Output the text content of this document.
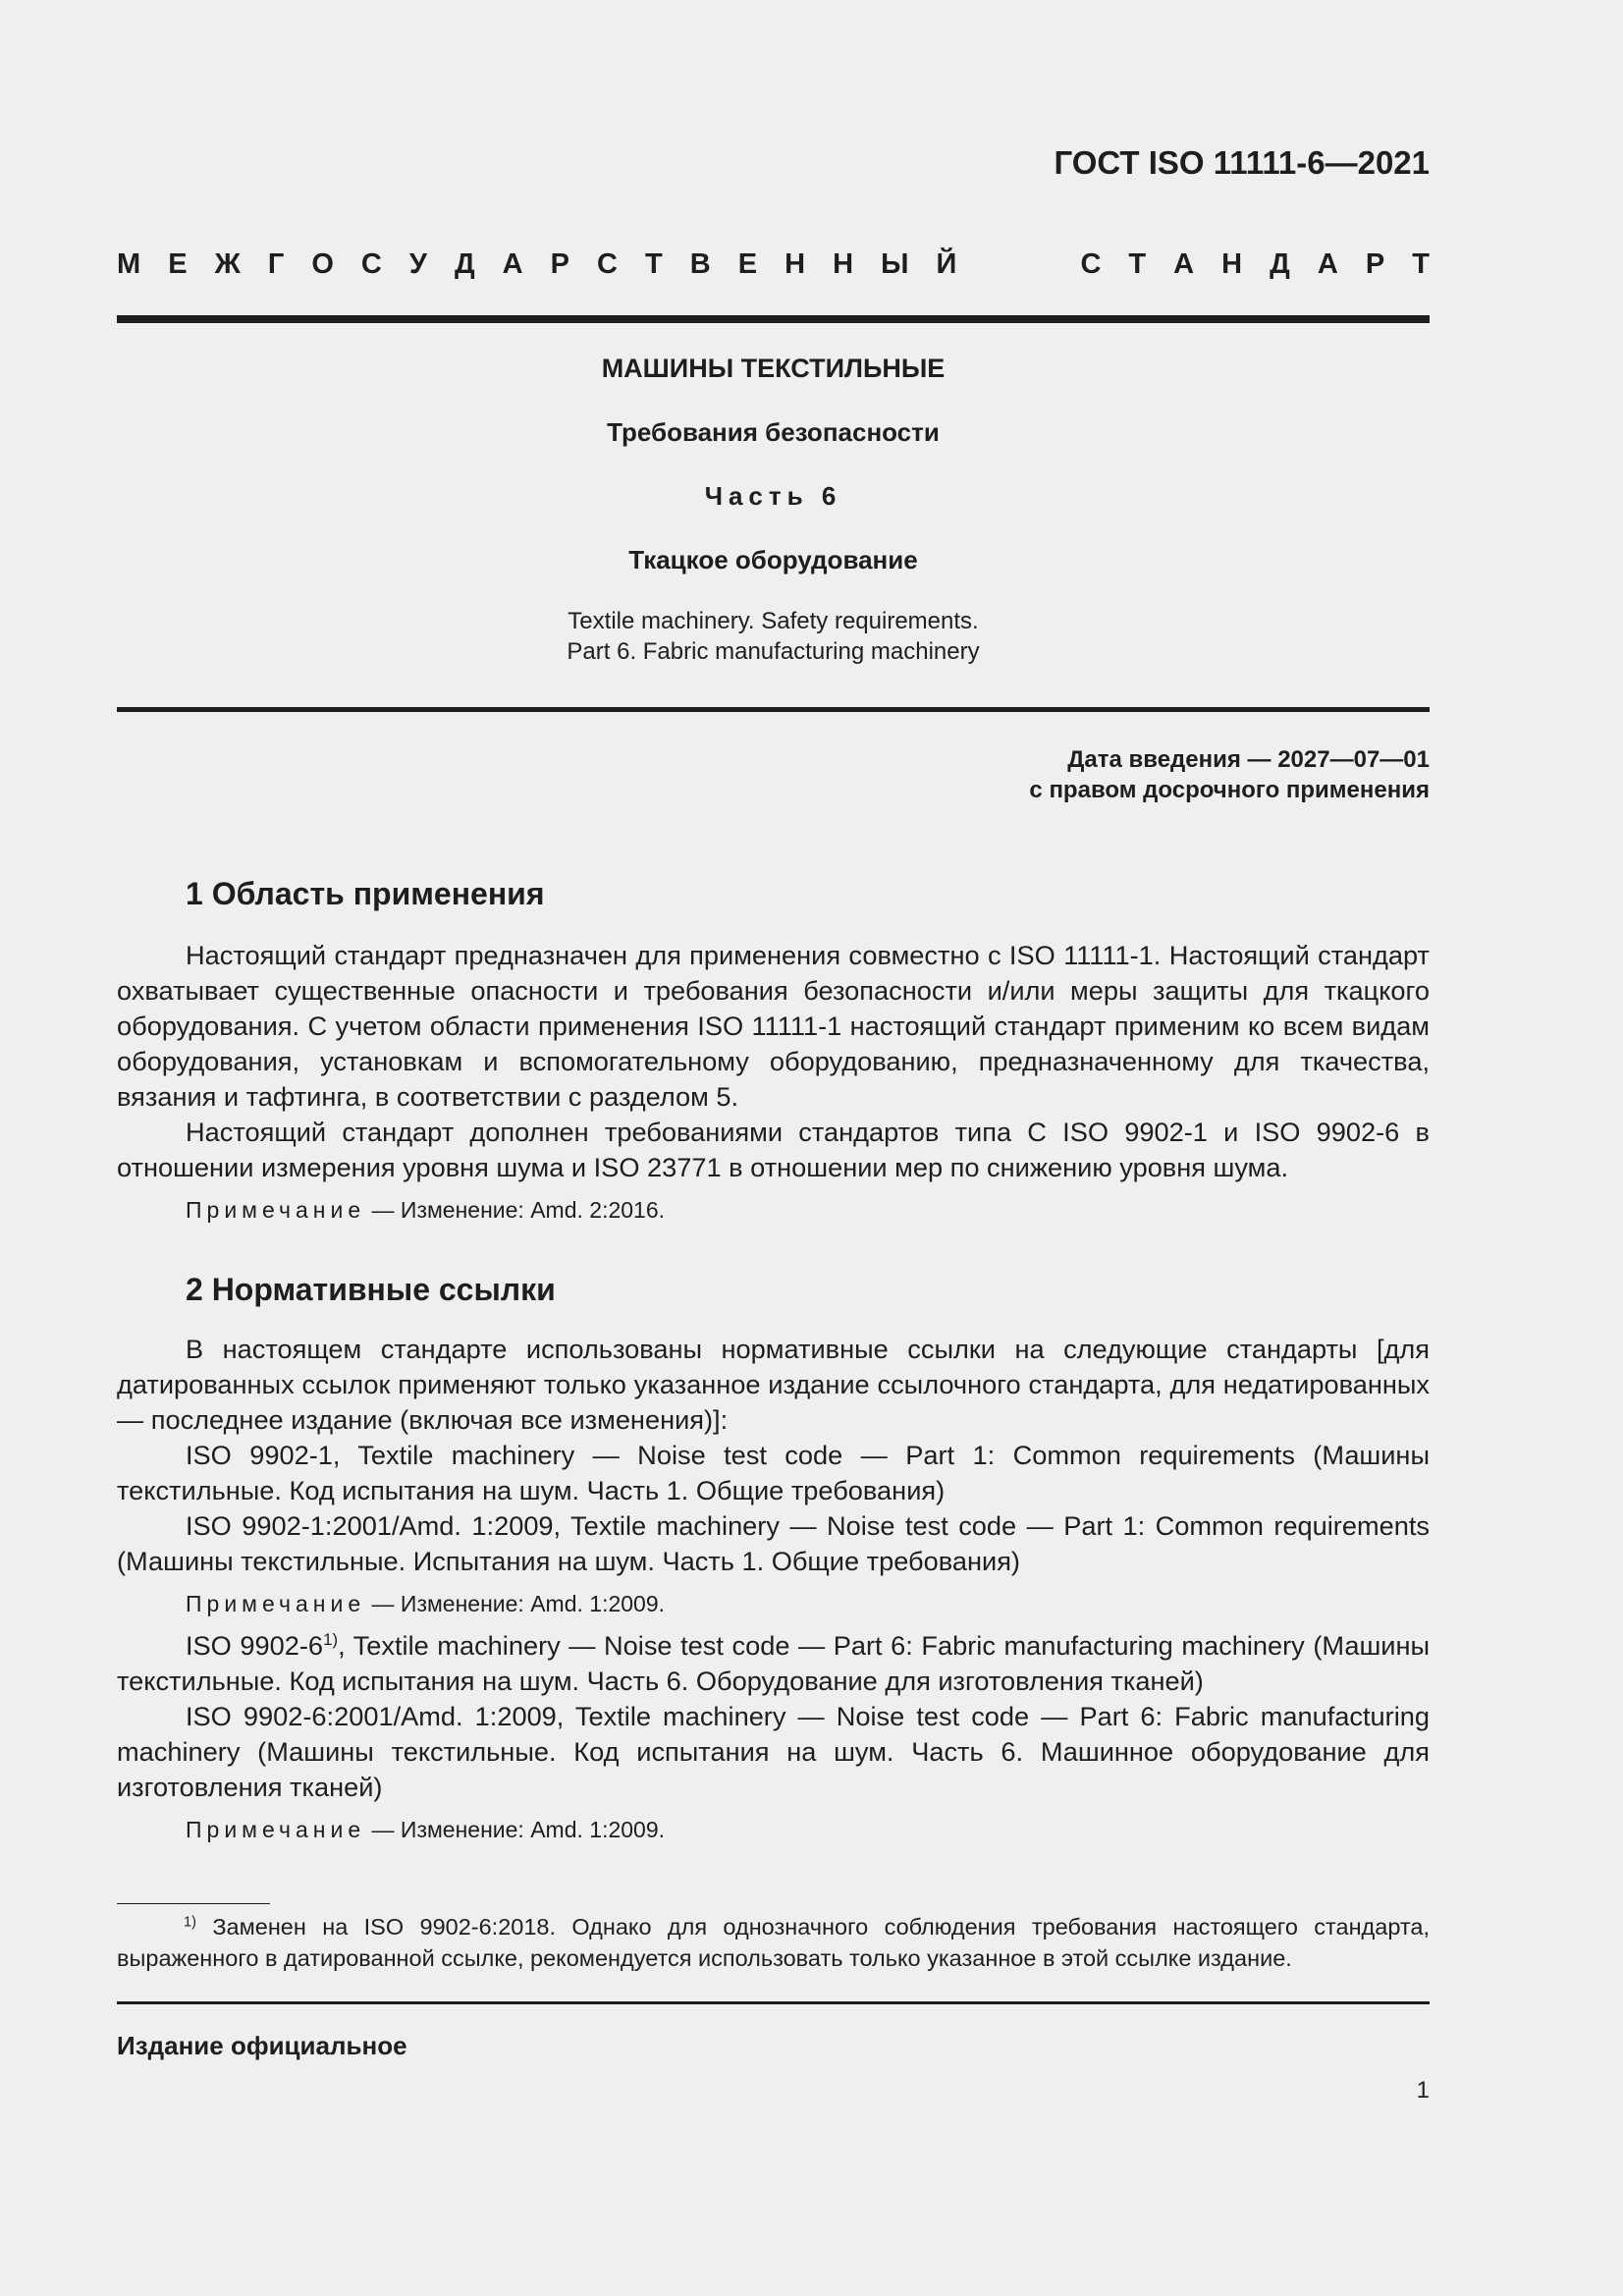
ГОСТ ISO 11111-6—2021
М Е Ж Г О С У Д А Р С Т В Е Н Н Ы Й	С Т А Н Д А Р Т
МАШИНЫ ТЕКСТИЛЬНЫЕ
Требования безопасности
Часть 6
Ткацкое оборудование
Textile machinery. Safety requirements.
Part 6. Fabric manufacturing machinery
Дата введения — 2027—07—01
с правом досрочного применения
1 Область применения

Настоящий стандарт предназначен для применения совместно с ISO 11111-1. Настоящий стандарт охватывает существенные опасности и требования безопасности и/или меры защиты для ткацкого оборудования. С учетом области применения ISO 11111-1 настоящий стандарт применим ко всем видам оборудования, установкам и вспомогательному оборудованию, предназначенному для ткачества, вязания и тафтинга, в соответствии с разделом 5.

Настоящий стандарт дополнен требованиями стандартов типа С ISO 9902-1 и ISO 9902-6 в отношении измерения уровня шума и ISO 23771 в отношении мер по снижению уровня шума.

Примечание — Изменение: Amd. 2:2016.

2 Нормативные ссылки

В настоящем стандарте использованы нормативные ссылки на следующие стандарты [для датированных ссылок применяют только указанное издание ссылочного стандарта, для недатированных — последнее издание (включая все изменения)]:

ISO 9902-1, Textile machinery — Noise test code — Part 1: Common requirements (Машины текстильные. Код испытания на шум. Часть 1. Общие требования)

ISO 9902-1:2001/Amd. 1:2009, Textile machinery — Noise test code — Part 1: Common requirements (Машины текстильные. Испытания на шум. Часть 1. Общие требования)

Примечание — Изменение: Amd. 1:2009.

ISO 9902-6$^{1)}$, Textile machinery — Noise test code — Part 6: Fabric manufacturing machinery (Машины текстильные. Код испытания на шум. Часть 6. Оборудование для изготовления тканей)

ISO 9902-6:2001/Amd. 1:2009, Textile machinery — Noise test code — Part 6: Fabric manufacturing machinery (Машины текстильные. Код испытания на шум. Часть 6. Машинное оборудование для изготовления тканей)

Примечание — Изменение: Amd. 1:2009.

$^{1)}$ Заменен на ISO 9902-6:2018. Однако для однозначного соблюдения требования настоящего стандарта, выраженного в датированной ссылке, рекомендуется использовать только указанное в этой ссылке издание.
Издание официальное
1
